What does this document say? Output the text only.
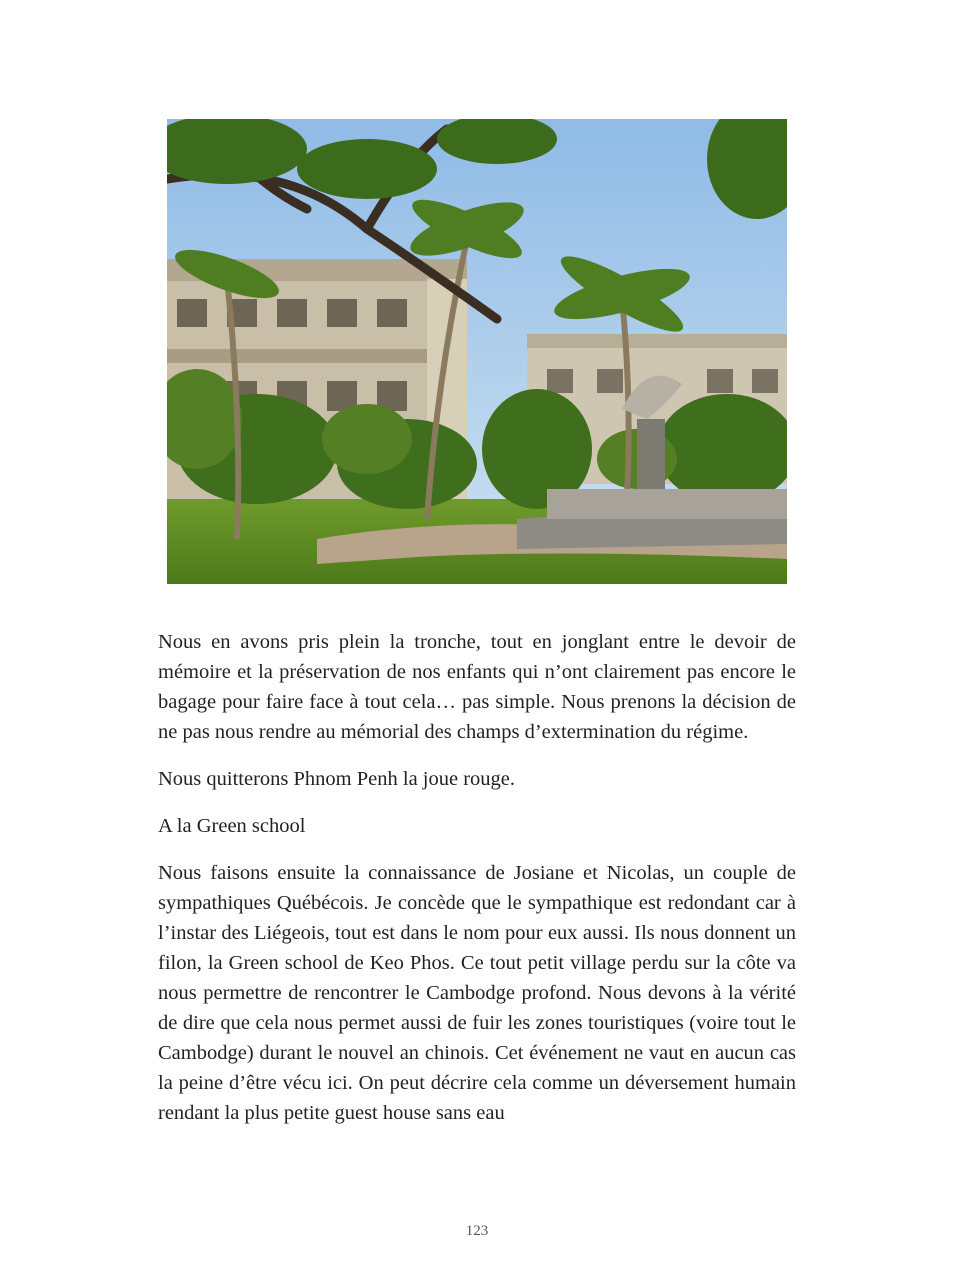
Nous en avons pris plein la tronche, tout en jonglant entre le devoir de mémoire et la préservation de nos enfants qui n’ont clairement pas encore le bagage pour faire face à tout cela… pas simple. Nous prenons la décision de ne pas nous rendre au mémorial des champs d’extermination du régime.

Nous quitterons Phnom Penh la joue rouge.

A la Green school

Nous faisons ensuite la connaissance de Josiane et Nicolas, un couple de sympathiques Québécois. Je concède que le sympathique est redondant car à l’instar des Liégeois, tout est dans le nom pour eux aussi. Ils nous donnent un filon, la Green school de Keo Phos. Ce tout petit village perdu sur la côte va nous permettre de rencontrer le Cambodge profond. Nous devons à la vérité de dire que cela nous permet aussi de fuir les zones touristiques (voire tout le Cambodge) durant le nouvel an chinois. Cet événement ne vaut en aucun cas la peine d’être vécu ici. On peut décrire cela comme un déversement humain rendant la plus petite guest house sans eau

123
